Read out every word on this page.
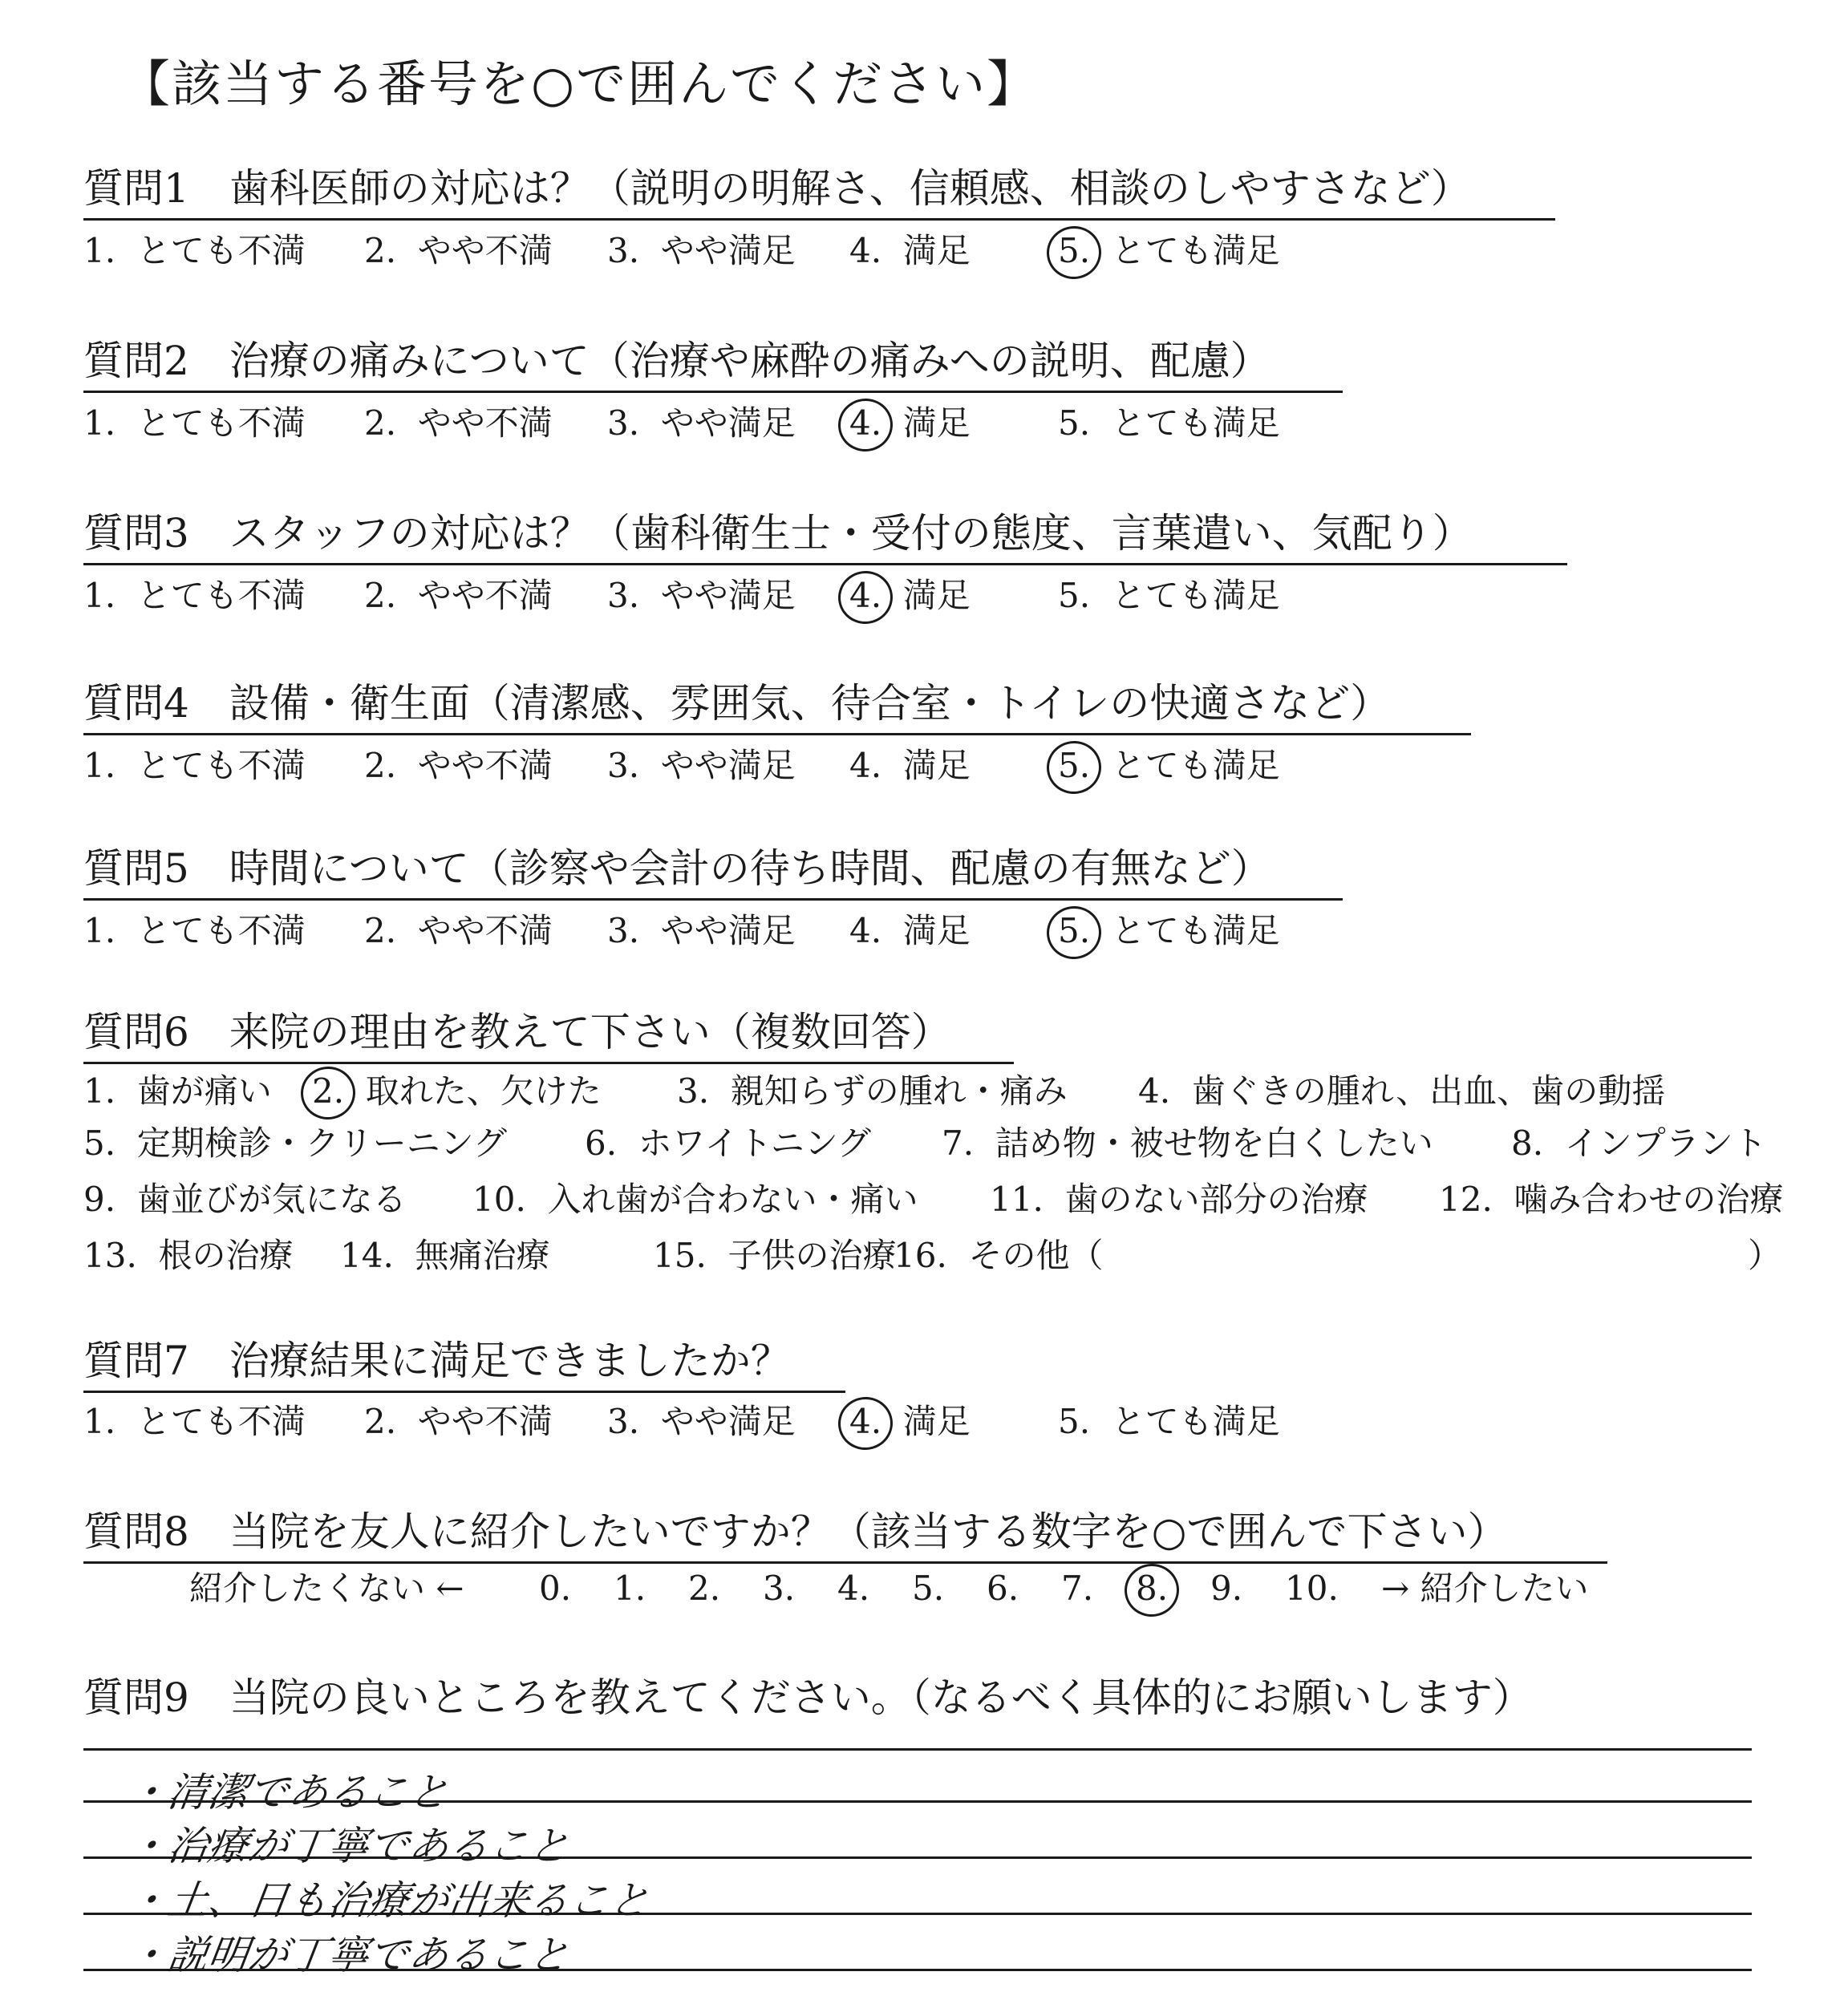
【該当する番号を○で囲んでください】
質問1　歯科医師の対応は？（説明の明解さ、信頼感、相談のしやすさなど）
1. とても不満 2. やや不満 3. やや満足 4. 満足	5. とても満足
質問2　治療の痛みについて（治療や麻酔の痛みへの説明、配慮）
1. とても不満 2. やや不満 3. やや満足 4. 満足	5. とても満足
質問3　スタッフの対応は？（歯科衛生士・受付の態度、言葉遣い、気配り）
1. とても不満 2. やや不満 3. やや満足 4. 満足	5. とても満足
質問4　設備・衛生面（清潔感、雰囲気、待合室・トイレの快適さなど）
1. とても不満 2. やや不満 3. やや満足 4. 満足	5. とても満足
質問5　時間について（診察や会計の待ち時間、配慮の有無など）
1. とても不満 2. やや不満 3. やや満足 4. 満足	5. とても満足
質問6　来院の理由を教えて下さい（複数回答）
1. 歯が痛い 2. 取れた、欠けた 3. 親知らずの腫れ・痛み 4. 歯ぐきの腫れ、出血、歯の動揺
5. 定期検診・クリーニング 6. ホワイトニング 7. 詰め物・被せ物を白くしたい 8. インプラント
9. 歯並びが気になる 10. 入れ歯が合わない・痛い 11. 歯のない部分の治療 12. 噛み合わせの治療
13. 根の治療 14. 無痛治療	15. 子供の治療
16. その他（	）
質問7　治療結果に満足できましたか？
1. とても不満 2. やや不満 3. やや満足 4. 満足	5. とても満足
質問8　当院を友人に紹介したいですか？（該当する数字を○で囲んで下さい）
紹介したくない ← 0. 1. 2. 3. 4. 5. 6. 7. 8. 9. 10. → 紹介したい
質問9　当院の良いところを教えてください。（なるべく具体的にお願いします）
・清潔であること
・治療が丁寧であること
・土、日も治療が出来ること
・説明が丁寧であること
